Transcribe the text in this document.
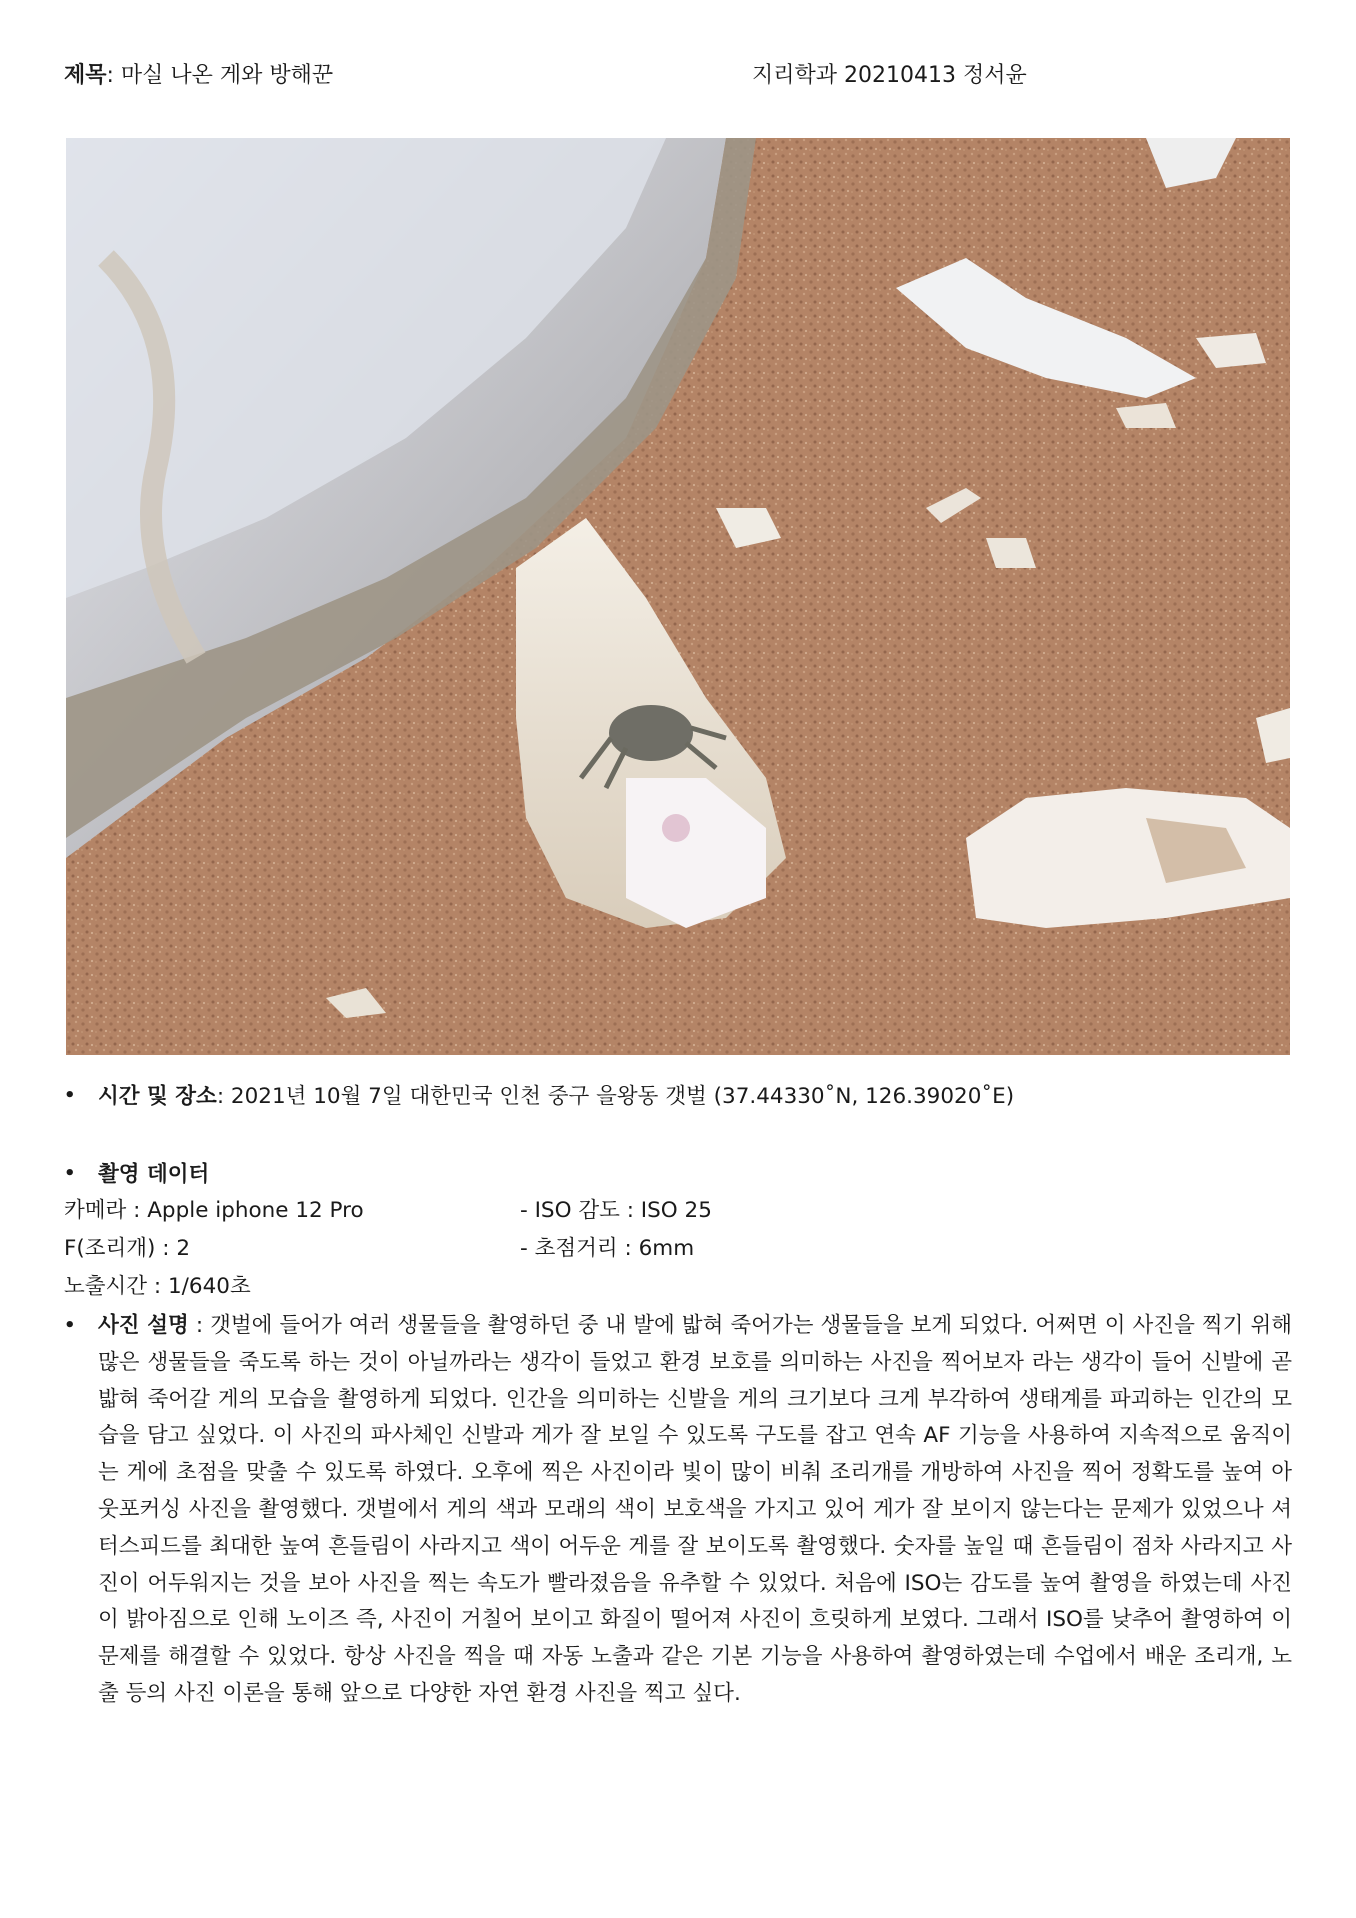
제목: 마실 나온 게와 방해꾼	지리학과 20210413 정서윤
• 시간 및 장소: 2021년 10월 7일 대한민국 인천 중구 을왕동 갯벌 (37.44330˚N, 126.39020˚E)
• 촬영 데이터
카메라 : Apple iphone 12 Pro	- ISO 감도 : ISO 25
F(조리개) : 2	- 초점거리 : 6mm
노출시간 : 1/640초
• 사진 설명 : 갯벌에 들어가 여러 생물들을 촬영하던 중 내 발에 밟혀 죽어가는 생물들을 보게 되었다. 어쩌면 이 사진을 찍기 위해 많은 생물들을 죽도록 하는 것이 아닐까라는 생각이 들었고 환경 보호를 의미하는 사진을 찍어보자 라는 생각이 들어 신발에 곧 밟혀 죽어갈 게의 모습을 촬영하게 되었다. 인간을 의미하는 신발을 게의 크기보다 크게 부각하여 생태계를 파괴하는 인간의 모습을 담고 싶었다. 이 사진의 파사체인 신발과 게가 잘 보일 수 있도록 구도를 잡고 연속 AF 기능을 사용하여 지속적으로 움직이는 게에 초점을 맞출 수 있도록 하였다. 오후에 찍은 사진이라 빛이 많이 비춰 조리개를 개방하여 사진을 찍어 정확도를 높여 아웃포커싱 사진을 촬영했다. 갯벌에서 게의 색과 모래의 색이 보호색을 가지고 있어 게가 잘 보이지 않는다는 문제가 있었으나 셔터스피드를 최대한 높여 흔들림이 사라지고 색이 어두운 게를 잘 보이도록 촬영했다. 숫자를 높일 때 흔들림이 점차 사라지고 사진이 어두워지는 것을 보아 사진을 찍는 속도가 빨라졌음을 유추할 수 있었다. 처음에 ISO는 감도를 높여 촬영을 하였는데 사진이 밝아짐으로 인해 노이즈 즉, 사진이 거칠어 보이고 화질이 떨어져 사진이 흐릿하게 보였다. 그래서 ISO를 낮추어 촬영하여 이 문제를 해결할 수 있었다. 항상 사진을 찍을 때 자동 노출과 같은 기본 기능을 사용하여 촬영하였는데 수업에서 배운 조리개, 노출 등의 사진 이론을 통해 앞으로 다양한 자연 환경 사진을 찍고 싶다.
